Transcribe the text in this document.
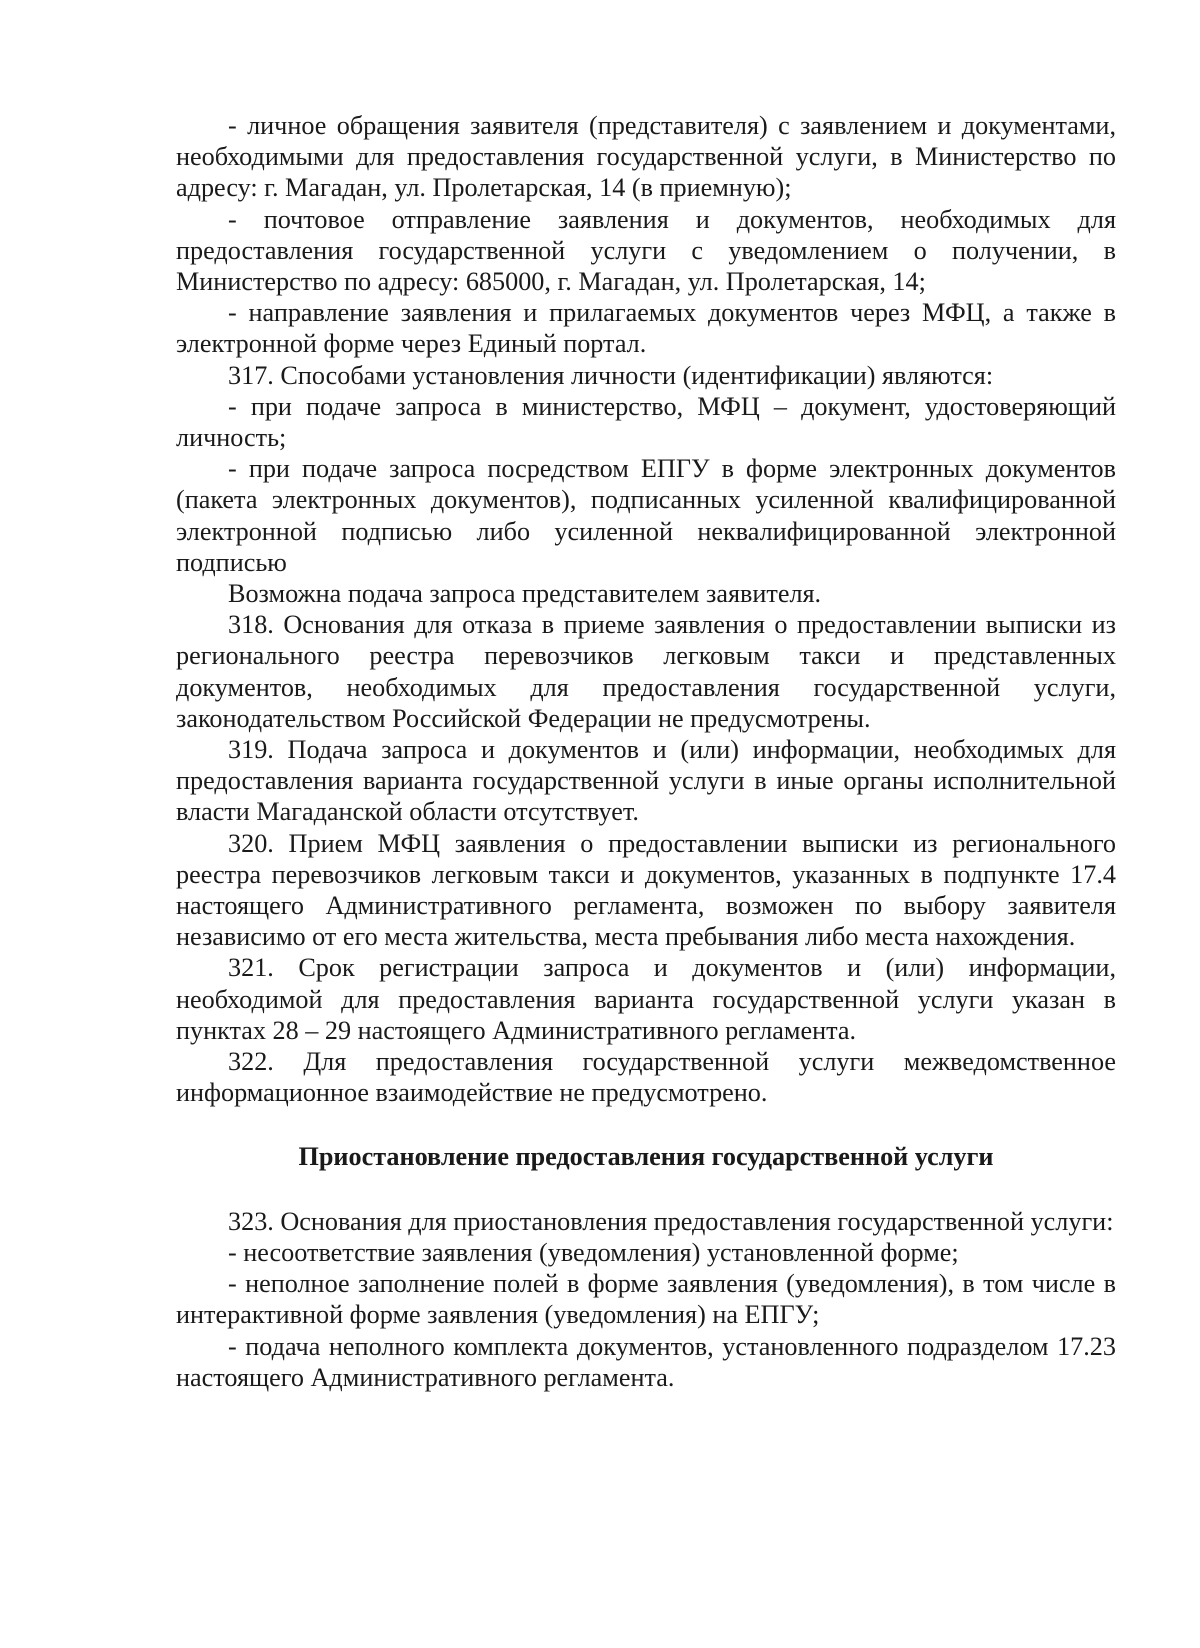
- личное обращения заявителя (представителя) с заявлением и документами, необходимыми для предоставления государственной услуги, в Министерство по адресу: г. Магадан, ул. Пролетарская, 14 (в приемную);

- почтовое отправление заявления и документов, необходимых для предоставления государственной услуги с уведомлением о получении, в Министерство по адресу: 685000, г. Магадан, ул. Пролетарская, 14;

- направление заявления и прилагаемых документов через МФЦ, а также в электронной форме через Единый портал.

317. Способами установления личности (идентификации) являются:

- при подаче запроса в министерство, МФЦ – документ, удостоверяющий личность;

- при подаче запроса посредством ЕПГУ в форме электронных документов (пакета электронных документов), подписанных усиленной квалифицированной электронной подписью либо усиленной неквалифицированной электронной подписью

Возможна подача запроса представителем заявителя.

318. Основания для отказа в приеме заявления о предоставлении выписки из регионального реестра перевозчиков легковым такси и представленных документов, необходимых для предоставления государственной услуги, законодательством Российской Федерации не предусмотрены.

319. Подача запроса и документов и (или) информации, необходимых для предоставления варианта государственной услуги в иные органы исполнительной власти Магаданской области отсутствует.

320. Прием МФЦ заявления о предоставлении выписки из регионального реестра перевозчиков легковым такси и документов, указанных в подпункте 17.4 настоящего Административного регламента, возможен по выбору заявителя независимо от его места жительства, места пребывания либо места нахождения.

321. Срок регистрации запроса и документов и (или) информации, необходимой для предоставления варианта государственной услуги указан в пунктах 28 – 29 настоящего Административного регламента.

322. Для предоставления государственной услуги межведомственное информационное взаимодействие не предусмотрено.

Приостановление предоставления государственной услуги

323. Основания для приостановления предоставления государственной услуги:

- несоответствие заявления (уведомления) установленной форме;

- неполное заполнение полей в форме заявления (уведомления), в том числе в интерактивной форме заявления (уведомления) на ЕПГУ;

- подача неполного комплекта документов, установленного подразделом 17.23 настоящего Административного регламента.
